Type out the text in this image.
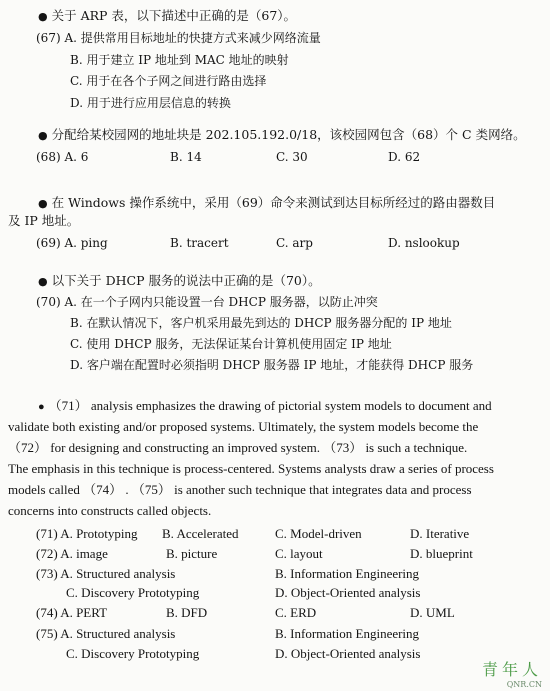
● 关于 ARP 表，以下描述中正确的是（67）。
(67) A. 提供常用目标地址的快捷方式来减少网络流量
B. 用于建立 IP 地址到 MAC 地址的映射
C. 用于在各个子网之间进行路由选择
D. 用于进行应用层信息的转换
● 分配给某校园网的地址块是 202.105.192.0/18，该校园网包含（68）个 C 类网络。
(68) A. 6	B. 14	C. 30	D. 62
● 在 Windows 操作系统中，采用（69）命令来测试到达目标所经过的路由器数目
及 IP 地址。
(69) A. ping	B. tracert	C. arp	D. nslookup
● 以下关于 DHCP 服务的说法中正确的是（70）。
(70) A. 在一个子网内只能设置一台 DHCP 服务器，以防止冲突
B. 在默认情况下，客户机采用最先到达的 DHCP 服务器分配的 IP 地址
C. 使用 DHCP 服务，无法保证某台计算机使用固定 IP 地址
D. 客户端在配置时必须指明 DHCP 服务器 IP 地址，才能获得 DHCP 服务
● （71） analysis emphasizes the drawing of pictorial system models to document and
validate both existing and/or proposed systems. Ultimately, the system models become the
（72） for designing and constructing an improved system. （73） is such a technique.
The emphasis in this technique is process-centered. Systems analysts draw a series of process
models called （74） . （75） is another such technique that integrates data and process
concerns into constructs called objects.
(71) A. Prototyping B. Accelerated	C. Model-driven	D. Iterative
(72) A. image	B. picture	C. layout	D. blueprint
(73) A. Structured analysis	B. Information Engineering
C. Discovery Prototyping	D. Object-Oriented analysis
(74) A. PERT	B. DFD	C. ERD	D. UML
(75) A. Structured analysis	B. Information Engineering
C. Discovery Prototyping	D. Object-Oriented analysis
青年人
QNR.CN
